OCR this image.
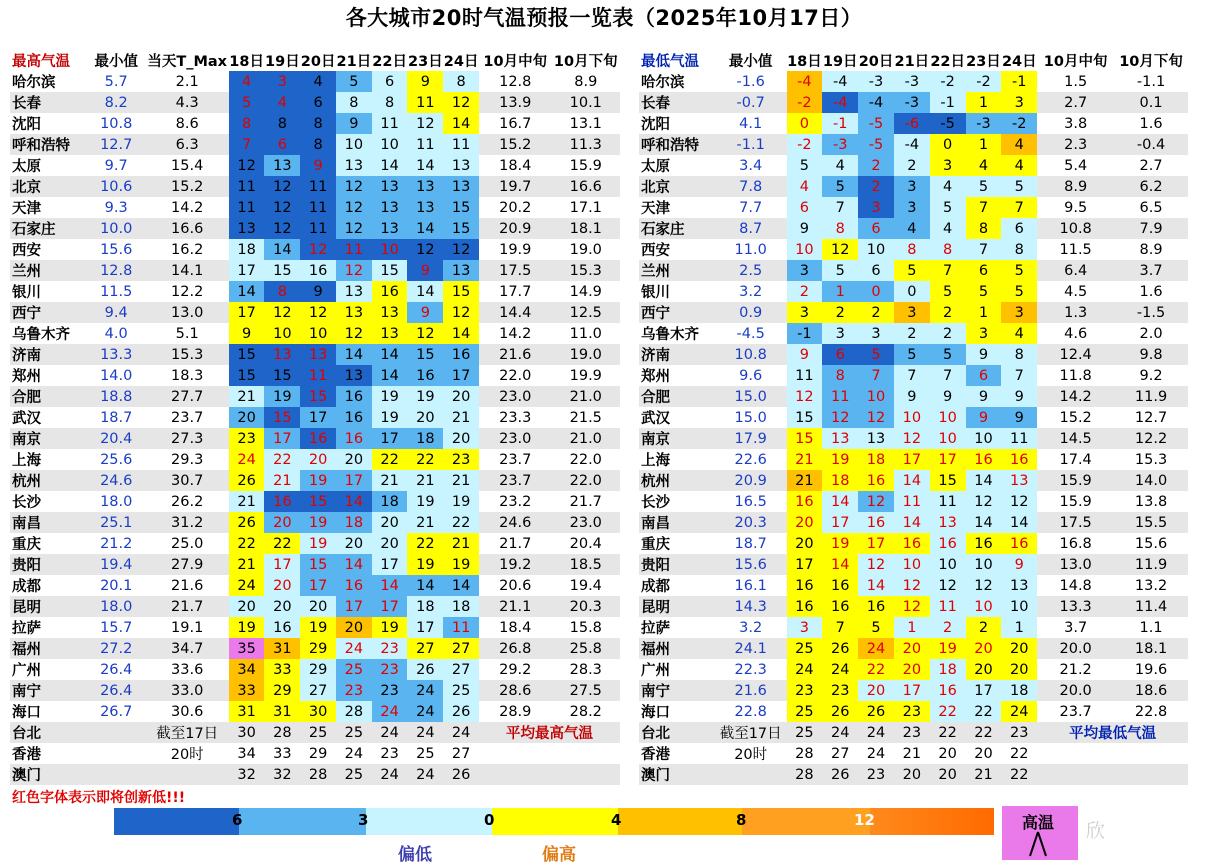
各大城市20时气温预报一览表（2025年10月17日）
最高气温	最小值	当天T_Max	18日	19日	20日	21日	22日	23日	24日	10月中旬	10月下旬
哈尔滨	5.7	2.1	4	3	4	5	6	9	8	12.8	8.9
长春	8.2	4.3	5	4	6	8	8	11	12	13.9	10.1
沈阳	10.8	8.6	8	8	8	9	11	12	14	16.7	13.1
呼和浩特	12.7	6.3	7	6	8	10	10	11	11	15.2	11.3
太原	9.7	15.4	12	13	9	13	14	14	13	18.4	15.9
北京	10.6	15.2	11	12	11	12	13	13	13	19.7	16.6
天津	9.3	14.2	11	12	11	12	13	13	15	20.2	17.1
石家庄	10.0	16.6	13	12	11	12	13	14	15	20.9	18.1
西安	15.6	16.2	18	14	12	11	10	12	12	19.9	19.0
兰州	12.8	14.1	17	15	16	12	15	9	13	17.5	15.3
银川	11.5	12.2	14	8	9	13	16	14	15	17.7	14.9
西宁	9.4	13.0	17	12	12	13	13	9	12	14.4	12.5
乌鲁木齐	4.0	5.1	9	10	10	12	13	12	14	14.2	11.0
济南	13.3	15.3	15	13	13	14	14	15	16	21.6	19.0
郑州	14.0	18.3	15	15	11	13	14	16	17	22.0	19.9
合肥	18.8	27.7	21	19	15	16	19	19	20	23.0	21.0
武汉	18.7	23.7	20	15	17	16	19	20	21	23.3	21.5
南京	20.4	27.3	23	17	16	16	17	18	20	23.0	21.0
上海	25.6	29.3	24	22	20	20	22	22	23	23.7	22.0
杭州	24.6	30.7	26	21	19	17	21	21	21	23.7	22.0
长沙	18.0	26.2	21	16	15	14	18	19	19	23.2	21.7
南昌	25.1	31.2	26	20	19	18	20	21	22	24.6	23.0
重庆	21.2	25.0	22	22	19	20	20	22	21	21.7	20.4
贵阳	19.4	27.9	21	17	15	14	17	19	19	19.2	18.5
成都	20.1	21.6	24	20	17	16	14	14	14	20.6	19.4
昆明	18.0	21.7	20	20	20	17	17	18	18	21.1	20.3
拉萨	15.7	19.1	19	16	19	20	19	17	11	18.4	15.8
福州	27.2	34.7	35	31	29	24	23	27	27	26.8	25.8
广州	26.4	33.6	34	33	29	25	23	26	27	29.2	28.3
南宁	26.4	33.0	33	29	27	23	23	24	25	28.6	27.5
海口	26.7	30.6	31	31	30	28	24	24	26	28.9	28.2
台北		截至17日	30	28	25	25	24	24	24	平均最高气温	
香港		20时	34	33	29	24	23	25	27		
澳门			32	32	28	25	24	24	26		
最低气温	最小值	18日	19日	20日	21日	22日	23日	24日	10月中旬	10月下旬
哈尔滨	-1.6	-4	-4	-3	-3	-2	-2	-1	1.5	-1.1
长春	-0.7	-2	-4	-4	-3	-1	1	3	2.7	0.1
沈阳	4.1	0	-1	-5	-6	-5	-3	-2	3.8	1.6
呼和浩特	-1.1	-2	-3	-5	-4	0	1	4	2.3	-0.4
太原	3.4	5	4	2	2	3	4	4	5.4	2.7
北京	7.8	4	5	2	3	4	5	5	8.9	6.2
天津	7.7	6	7	3	3	5	7	7	9.5	6.5
石家庄	8.7	9	8	6	4	4	8	6	10.8	7.9
西安	11.0	10	12	10	8	8	7	8	11.5	8.9
兰州	2.5	3	5	6	5	7	6	5	6.4	3.7
银川	3.2	2	1	0	0	5	5	5	4.5	1.6
西宁	0.9	3	2	2	3	2	1	3	1.3	-1.5
乌鲁木齐	-4.5	-1	3	3	2	2	3	4	4.6	2.0
济南	10.8	9	6	5	5	5	9	8	12.4	9.8
郑州	9.6	11	8	7	7	7	6	7	11.8	9.2
合肥	15.0	12	11	10	9	9	9	9	14.2	11.9
武汉	15.0	15	12	12	10	10	9	9	15.2	12.7
南京	17.9	15	13	13	12	10	10	11	14.5	12.2
上海	22.6	21	19	18	17	17	16	16	17.4	15.3
杭州	20.9	21	18	16	14	15	14	13	15.9	14.0
长沙	16.5	16	14	12	11	11	12	12	15.9	13.8
南昌	20.3	20	17	16	14	13	14	14	17.5	15.5
重庆	18.7	20	19	17	16	16	16	16	16.8	15.6
贵阳	15.6	17	14	12	10	10	10	9	13.0	11.9
成都	16.1	16	16	14	12	12	12	13	14.8	13.2
昆明	14.3	16	16	16	12	11	10	10	13.3	11.4
拉萨	3.2	3	7	5	1	2	2	1	3.7	1.1
福州	24.1	25	26	24	20	19	20	20	20.0	18.1
广州	22.3	24	24	22	20	18	20	20	21.2	19.6
南宁	21.6	23	23	20	17	16	17	18	20.0	18.6
海口	22.8	25	26	26	23	22	22	24	23.7	22.8
台北	截至17日	25	24	24	23	22	22	23	平均最低气温	
香港	20时	28	27	24	21	20	20	22		
澳门		28	26	23	20	20	21	22		
红色字体表示即将创新低!!!
6	3	0	4	8	12
偏低	偏高
高温 欣
